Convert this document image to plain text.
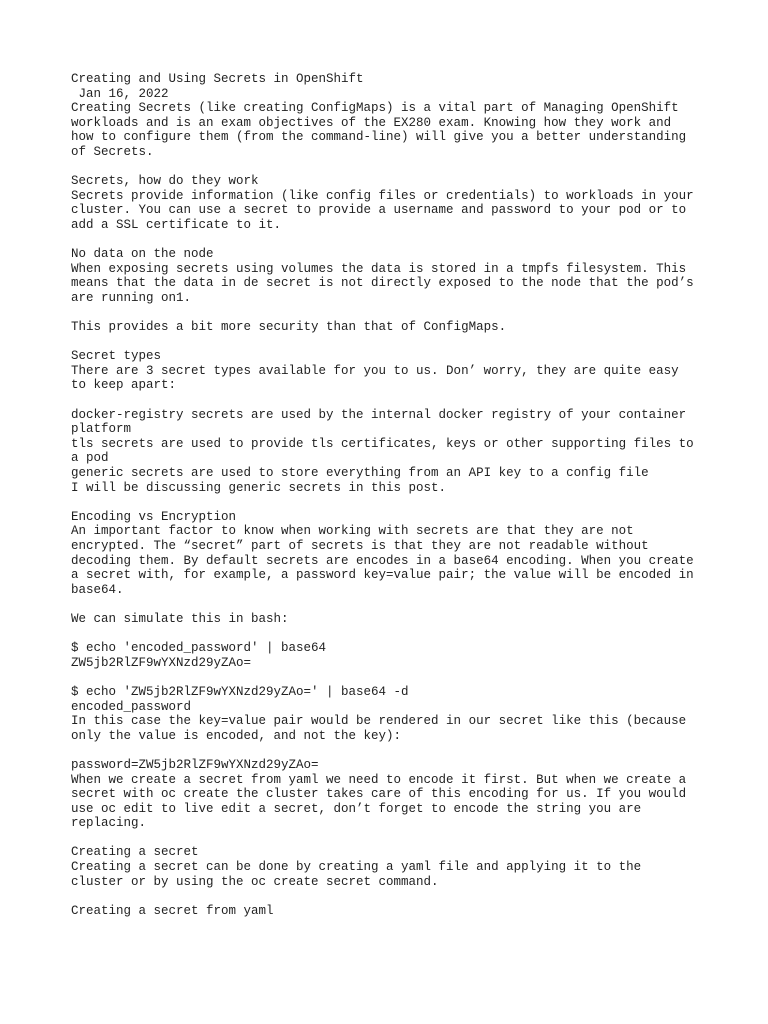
Creating and Using Secrets in OpenShift
Jan 16, 2022
Creating Secrets (like creating ConfigMaps) is a vital part of Managing OpenShift
workloads and is an exam objectives of the EX280 exam. Knowing how they work and
how to configure them (from the command-line) will give you a better understanding
of Secrets.
Secrets, how do they work
Secrets provide information (like config files or credentials) to workloads in your
cluster. You can use a secret to provide a username and password to your pod or to
add a SSL certificate to it.
No data on the node
When exposing secrets using volumes the data is stored in a tmpfs filesystem. This
means that the data in de secret is not directly exposed to the node that the pod’s
are running on1.
This provides a bit more security than that of ConfigMaps.
Secret types
There are 3 secret types available for you to us. Don’ worry, they are quite easy
to keep apart:
docker-registry secrets are used by the internal docker registry of your container
platform
tls secrets are used to provide tls certificates, keys or other supporting files to
a pod
generic secrets are used to store everything from an API key to a config file
I will be discussing generic secrets in this post.
Encoding vs Encryption
An important factor to know when working with secrets are that they are not
encrypted. The “secret” part of secrets is that they are not readable without
decoding them. By default secrets are encodes in a base64 encoding. When you create
a secret with, for example, a password key=value pair; the value will be encoded in
base64.
We can simulate this in bash:
$ echo 'encoded_password' | base64
ZW5jb2RlZF9wYXNzd29yZAo=
$ echo 'ZW5jb2RlZF9wYXNzd29yZAo=' | base64 -d
encoded_password
In this case the key=value pair would be rendered in our secret like this (because
only the value is encoded, and not the key):
password=ZW5jb2RlZF9wYXNzd29yZAo=
When we create a secret from yaml we need to encode it first. But when we create a
secret with oc create the cluster takes care of this encoding for us. If you would
use oc edit to live edit a secret, don’t forget to encode the string you are
replacing.
Creating a secret
Creating a secret can be done by creating a yaml file and applying it to the
cluster or by using the oc create secret command.
Creating a secret from yaml
